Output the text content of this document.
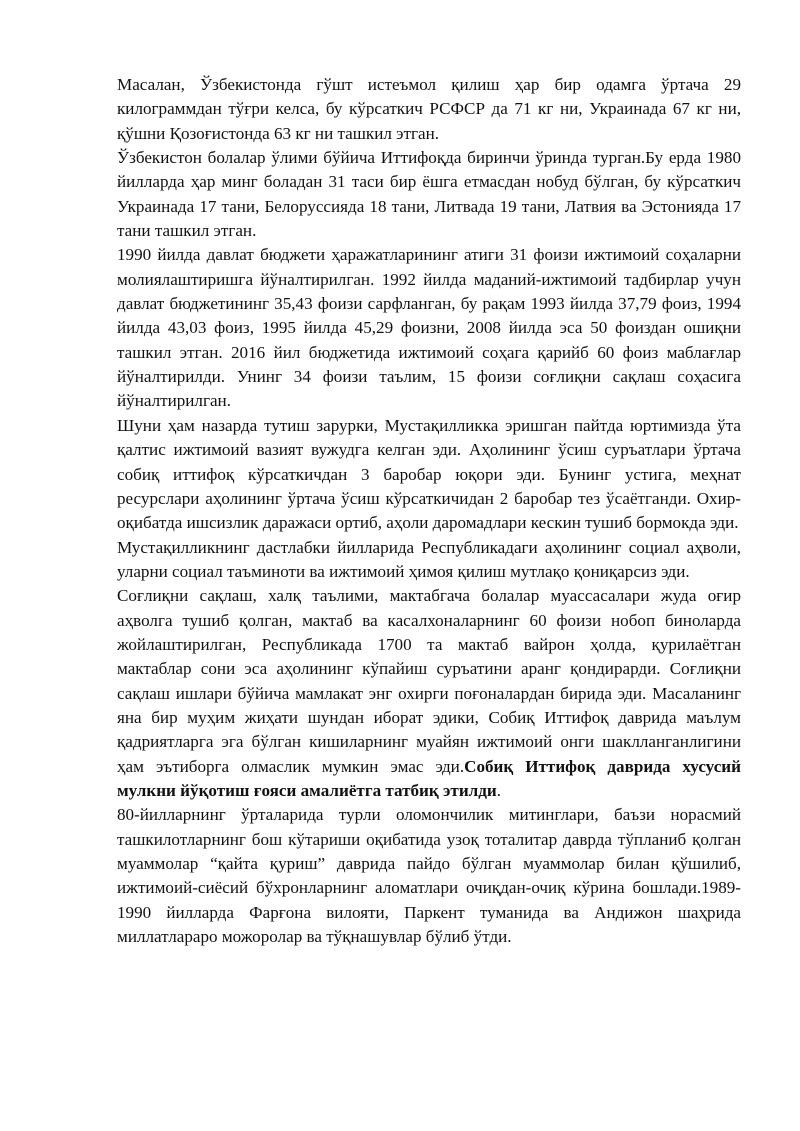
Масалан, Ўзбекистонда гўшт истеъмол қилиш ҳар бир одамга ўртача 29 килограммдан тўғри келса, бу кўрсаткич РСФСР да 71 кг ни, Украинада 67 кг ни, қўшни Қозоғистонда 63 кг ни ташкил этган.

Ўзбекистон болалар ўлими бўйича Иттифоқда биринчи ўринда турган.Бу ерда 1980 йилларда ҳар минг боладан 31 таси бир ёшга етмасдан нобуд бўлган, бу кўрсаткич Украинада 17 тани, Белоруссияда 18 тани, Литвада 19 тани, Латвия ва Эстонияда 17 тани ташкил этган.

1990 йилда давлат бюджети ҳаражатларининг атиги 31 фоизи ижтимоий соҳаларни молиялаштиришга йўналтирилган. 1992 йилда маданий-ижтимоий тадбирлар учун давлат бюджетининг 35,43 фоизи сарфланган, бу рақам 1993 йилда 37,79 фоиз, 1994 йилда 43,03 фоиз, 1995 йилда 45,29 фоизни, 2008 йилда эса 50 фоиздан ошиқни ташкил этган. 2016 йил бюджетида ижтимоий соҳага қарийб 60 фоиз маблағлар йўналтирилди. Унинг 34 фоизи таълим, 15 фоизи соғлиқни сақлаш соҳасига йўналтирилган.

Шуни ҳам назарда тутиш зарурки, Мустақилликка эришган пайтда юртимизда ўта қалтис ижтимоий вазият вужудга келган эди. Аҳолининг ўсиш суръатлари ўртача собиқ иттифоқ кўрсаткичдан 3 баробар юқори эди. Бунинг устига, меҳнат ресурслари аҳолининг ўртача ўсиш кўрсаткичидан 2 баробар тез ўсаётганди. Охир-оқибатда ишсизлик даражаси ортиб, аҳоли даромадлари кескин тушиб бормокда эди.

Мустақилликнинг дастлабки йилларида Республикадаги аҳолининг социал аҳволи, уларни социал таъминоти ва ижтимоий ҳимоя қилиш мутлақо қониқарсиз эди.

Соғлиқни сақлаш, халқ таълими, мактабгача болалар муассасалари жуда оғир аҳволга тушиб қолган, мактаб ва касалхоналарнинг 60 фоизи нобоп биноларда жойлаштирилган, Республикада 1700 та мактаб вайрон ҳолда, қурилаётган мактаблар сони эса аҳолининг кўпайиш суръатини аранг қондирарди. Соғлиқни сақлаш ишлари бўйича мамлакат энг охирги поғоналардан бирида эди. Масаланинг яна бир муҳим жиҳати шундан иборат эдики, Собиқ Иттифоқ даврида маълум қадриятларга эга бўлган кишиларнинг муайян ижтимоий онги шаклланганлигини ҳам эътиборга олмаслик мумкин эмас эди.Собиқ Иттифоқ даврида хусусий мулкни йўқотиш ғояси амалиётга татбиқ этилди.

80-йилларнинг ўрталарида турли оломончилик митинглари, баъзи норасмий ташкилотларнинг бош кўтариши оқибатида узоқ тоталитар даврда тўпланиб қолган муаммолар “қайта қуриш” даврида пайдо бўлган муаммолар билан қўшилиб, ижтимоий-сиёсий бўхронларнинг аломатлари очиқдан-очиқ кўрина бошлади.1989-1990 йилларда Фарғона вилояти, Паркент туманида ва Андижон шаҳрида миллатлараро можоролар ва тўқнашувлар бўлиб ўтди.
